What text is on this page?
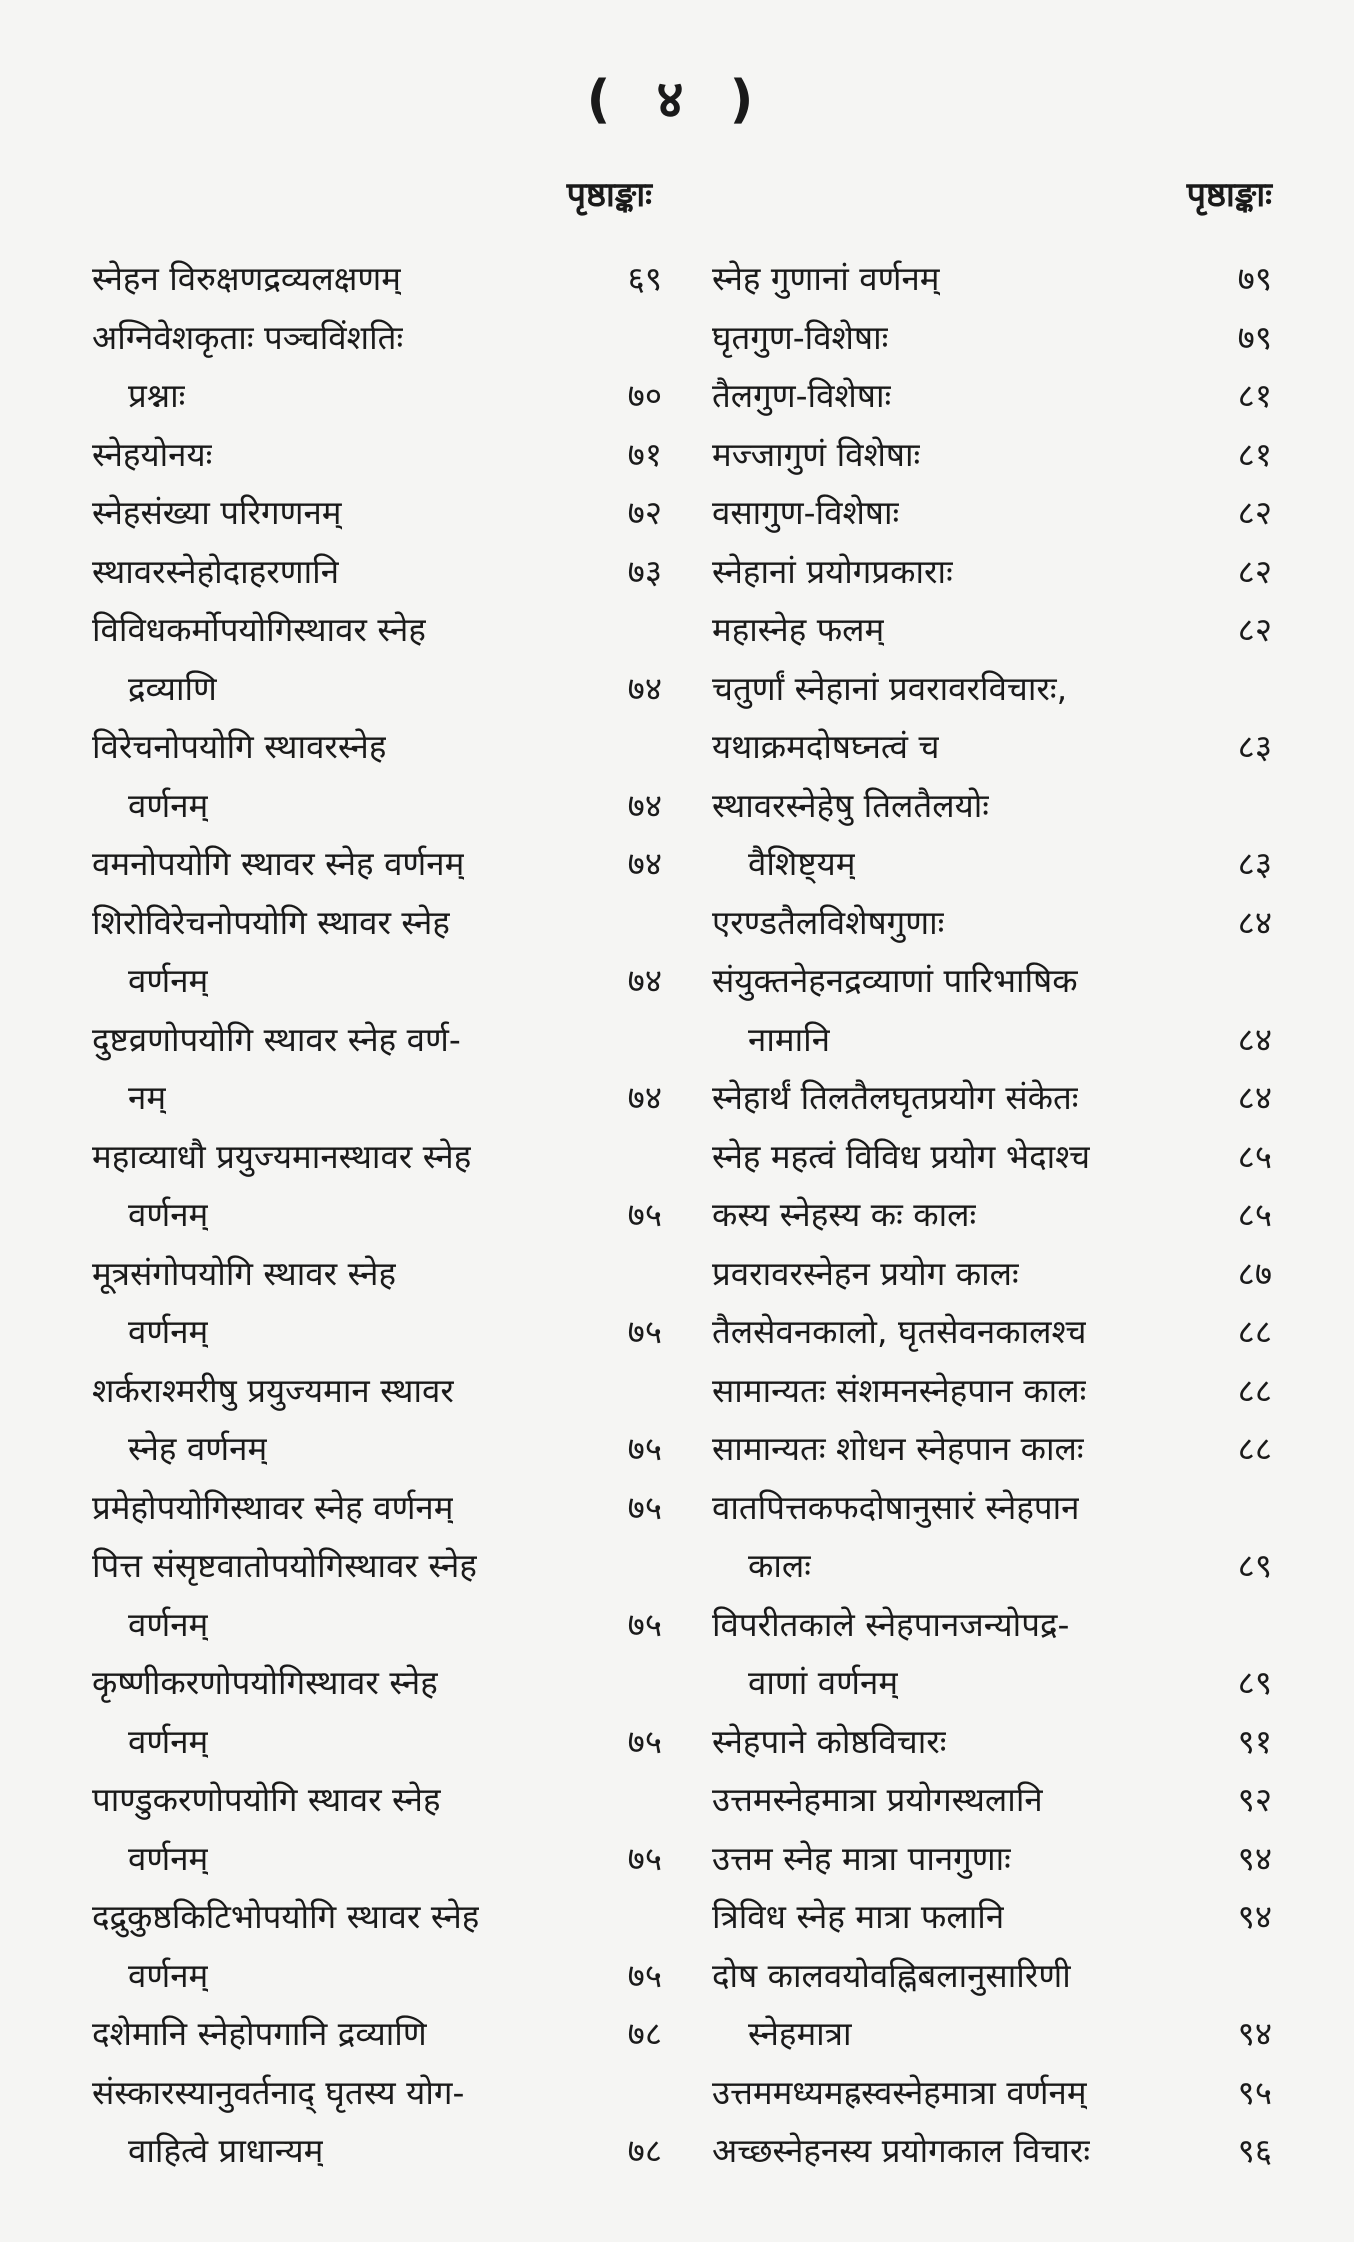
( ४ )
पृष्ठाङ्काः
स्नेहन विरुक्षणद्रव्यलक्षणम्	६९
अग्निवेशकृताः पञ्चविंशतिः
प्रश्नाः	७०
स्नेहयोनयः	७१
स्नेहसंख्या परिगणनम्	७२
स्थावरस्नेहोदाहरणानि	७३
विविधकर्मोपयोगिस्थावर स्नेह
द्रव्याणि	७४
विरेचनोपयोगि स्थावरस्नेह
वर्णनम्	७४
वमनोपयोगि स्थावर स्नेह वर्णनम्	७४
शिरोविरेचनोपयोगि स्थावर स्नेह
वर्णनम्	७४
दुष्टव्रणोपयोगि स्थावर स्नेह वर्ण-
नम्	७४
महाव्याधौ प्रयुज्यमानस्थावर स्नेह
वर्णनम्	७५
मूत्रसंगोपयोगि स्थावर स्नेह
वर्णनम्	७५
शर्कराश्मरीषु प्रयुज्यमान स्थावर
स्नेह वर्णनम्	७५
प्रमेहोपयोगिस्थावर स्नेह वर्णनम्	७५
पित्त संसृष्टवातोपयोगिस्थावर स्नेह
वर्णनम्	७५
कृष्णीकरणोपयोगिस्थावर स्नेह
वर्णनम्	७५
पाण्डुकरणोपयोगि स्थावर स्नेह
वर्णनम्	७५
दद्रुकुष्ठकिटिभोपयोगि स्थावर स्नेह
वर्णनम्	७५
दशेमानि स्नेहोपगानि द्रव्याणि	७८
संस्कारस्यानुवर्तनाद् घृतस्य योग-
वाहित्वे प्राधान्यम्	७८
पृष्ठाङ्काः
स्नेह गुणानां वर्णनम्	७९
घृतगुण-विशेषाः	७९
तैलगुण-विशेषाः	८१
मज्जागुणं विशेषाः	८१
वसागुण-विशेषाः	८२
स्नेहानां प्रयोगप्रकाराः	८२
महास्नेह फलम्	८२
चतुर्णां स्नेहानां प्रवरावरविचारः,
यथाक्रमदोषघ्नत्वं च	८३
स्थावरस्नेहेषु तिलतैलयोः
वैशिष्ट्यम्	८३
एरण्डतैलविशेषगुणाः	८४
संयुक्तनेहनद्रव्याणां पारिभाषिक
नामानि	८४
स्नेहार्थं तिलतैलघृतप्रयोग संकेतः	८४
स्नेह महत्वं विविध प्रयोग भेदाश्च	८५
कस्य स्नेहस्य कः कालः	८५
प्रवरावरस्नेहन प्रयोग कालः	८७
तैलसेवनकालो, घृतसेवनकालश्च	८८
सामान्यतः संशमनस्नेहपान कालः	८८
सामान्यतः शोधन स्नेहपान कालः	८८
वातपित्तकफदोषानुसारं स्नेहपान
कालः	८९
विपरीतकाले स्नेहपानजन्योपद्र-
वाणां वर्णनम्	८९
स्नेहपाने कोष्ठविचारः	९१
उत्तमस्नेहमात्रा प्रयोगस्थलानि	९२
उत्तम स्नेह मात्रा पानगुणाः	९४
त्रिविध स्नेह मात्रा फलानि	९४
दोष कालवयोवह्निबलानुसारिणी
स्नेहमात्रा	९४
उत्तममध्यमह्रस्वस्नेहमात्रा वर्णनम्	९५
अच्छस्नेहनस्य प्रयोगकाल विचारः	९६
